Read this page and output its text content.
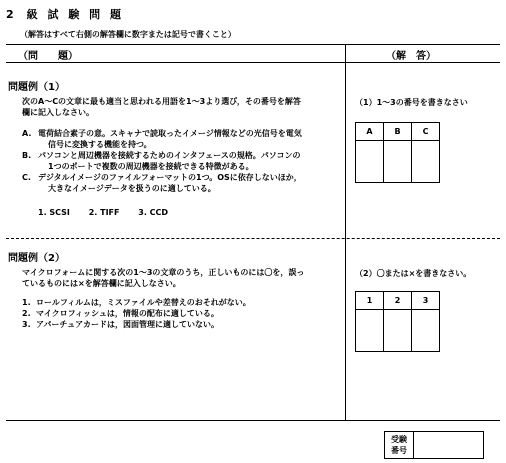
2 級 試 験 問 題
（解答はすべて右側の解答欄に数字または記号で書くこと）
（問　　題）	（解　答）
問題例（1）
次のA～Cの文章に最も適当と思われる用語を1～3より選び，その番号を解答
欄に記入しなさい。
A. 電荷結合素子の意。スキャナで読取ったイメージ情報などの光信号を電気
信号に変換する機能を持つ。
B. パソコンと周辺機器を接続するためのインタフェースの規格。パソコンの
1つのポートで複数の周辺機器を接続できる特徴がある。
C. デジタルイメージのファイルフォーマットの1つ。OSに依存しないほか，
大きなイメージデータを扱うのに適している。
1. SCSI 2. TIFF 3. CCD
（1）1～3の番号を書きなさい
A	B	C

問題例（2）
マイクロフォームに関する次の1～3の文章のうち，正しいものには〇を，誤っ
ているものには×を解答欄に記入しなさい。
1. ロールフィルムは，ミスファイルや差替えのおそれがない。
2. マイクロフィッシュは，情報の配布に適している。
3. アパーチュアカードは，図面管理に適していない。
（2）〇または×を書きなさい。
1	2	3

受験
番号
